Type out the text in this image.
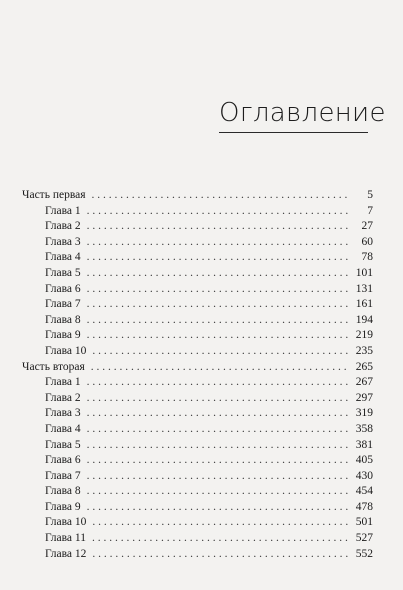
Оглавление
Часть первая . . .	5
Глава 1 . . .	7
Глава 2 . . .	27
Глава 3 . . .	60
Глава 4 . . .	78
Глава 5 . . .	101
Глава 6 . . .	131
Глава 7 . . .	161
Глава 8 . . .	194
Глава 9 . . .	219
Глава 10 . . .	235
Часть вторая . . .	265
Глава 1 . . .	267
Глава 2 . . .	297
Глава 3 . . .	319
Глава 4 . . .	358
Глава 5 . . .	381
Глава 6 . . .	405
Глава 7 . . .	430
Глава 8 . . .	454
Глава 9 . . .	478
Глава 10 . . .	501
Глава 11 . . .	527
Глава 12 . . .	552
